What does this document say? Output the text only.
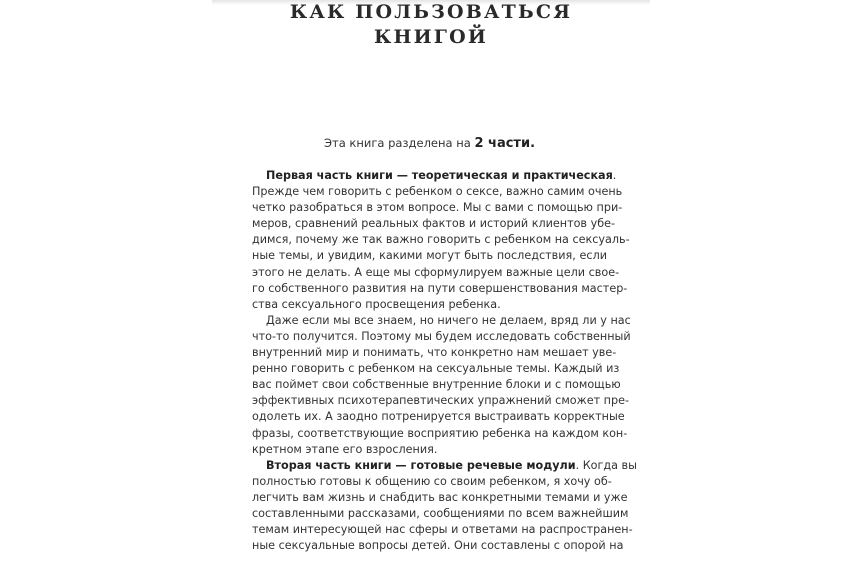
КАК ПОЛЬЗОВАТЬСЯ
КНИГОЙ
Эта книга разделена на 2 части.
Первая часть книги — теоретическая и практическая.
Прежде чем говорить с ребенком о сексе, важно самим очень
четко разобраться в этом вопросе. Мы с вами с помощью при-
меров, сравнений реальных фактов и историй клиентов убе-
димся, почему же так важно говорить с ребенком на сексуаль-
ные темы, и увидим, какими могут быть последствия, если
этого не делать. А еще мы сформулируем важные цели свое-
го собственного развития на пути совершенствования мастер-
ства сексуального просвещения ребенка.
Даже если мы все знаем, но ничего не делаем, вряд ли у нас
что-то получится. Поэтому мы будем исследовать собственный
внутренний мир и понимать, что конкретно нам мешает уве-
ренно говорить с ребенком на сексуальные темы. Каждый из
вас поймет свои собственные внутренние блоки и с помощью
эффективных психотерапевтических упражнений сможет пре-
одолеть их. А заодно потренируется выстраивать корректные
фразы, соответствующие восприятию ребенка на каждом кон-
кретном этапе его взросления.
Вторая часть книги — готовые речевые модули. Когда вы
полностью готовы к общению со своим ребенком, я хочу об-
легчить вам жизнь и снабдить вас конкретными темами и уже
составленными рассказами, сообщениями по всем важнейшим
темам интересующей нас сферы и ответами на распространен-
ные сексуальные вопросы детей. Они составлены с опорой на
